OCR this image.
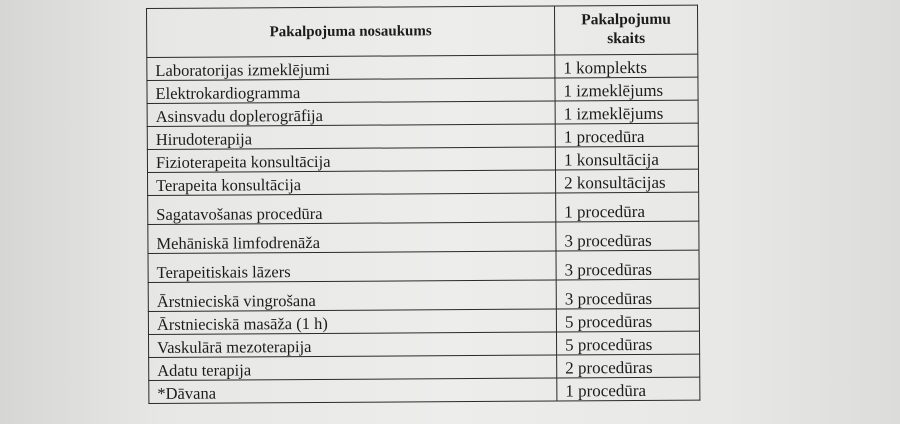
Pakalpojuma nosaukums	Pakalpojumu
skaits
Laboratorijas izmeklējumi	1 komplekts
Elektrokardiogramma	1 izmeklējums
Asinsvadu doplerogrāfija	1 izmeklējums
Hirudoterapija	1 procedūra
Fizioterapeita konsultācija	1 konsultācija
Terapeita konsultācija	2 konsultācijas
Sagatavošanas procedūra	1 procedūra
Mehāniskā limfodrenāža	3 procedūras
Terapeitiskais lāzers	3 procedūras
Ārstnieciskā vingrošana	3 procedūras
Ārstnieciskā masāža (1 h)	5 procedūras
Vaskulārā mezoterapija	5 procedūras
Adatu terapija	2 procedūras
*Dāvana	1 procedūra
